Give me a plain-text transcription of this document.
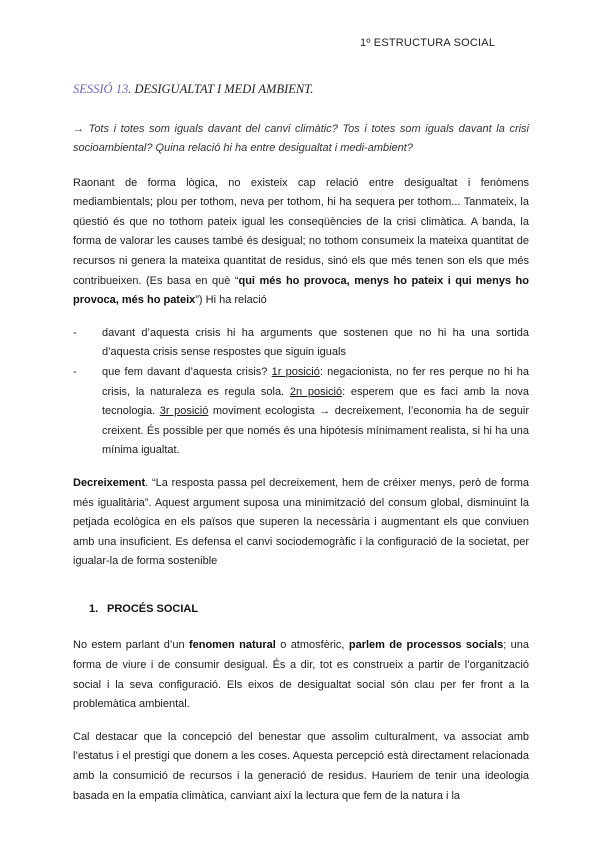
1º ESTRUCTURA SOCIAL
SESSIÓ 13. DESIGUALTAT I MEDI AMBIENT.

→ Tots i totes som iguals davant del canvi climàtic? Tos i totes som iguals davant la crisi socioambiental? Quina relació hi ha entre desigualtat i medi-ambient?

Raonant de forma lògica, no existeix cap relació entre desigualtat i fenòmens mediambientals; plou per tothom, neva per tothom, hi ha sequera per tothom... Tanmateix, la qüestió és que no tothom pateix igual les conseqüències de la crisi climàtica. A banda, la forma de valorar les causes també és desigual; no tothom consumeix la mateixa quantitat de recursos ni genera la mateixa quantitat de residus, sinó els que més tenen son els que més contribueixen. (Es basa en què “qui més ho provoca, menys ho pateix i qui menys ho provoca, més ho pateix”) Hi ha relació

- davant d’aquesta crisis hi ha arguments que sostenen que no hi ha una sortida d’aquesta crisis sense respostes que siguin iguals
- que fem davant d’aquesta crisis? 1r posició: negacionista, no fer res perque no hi ha crisis, la naturaleza es regula sola. 2n posició: esperem que es faci amb la nova tecnologia. 3r posició moviment ecologista → decreixement, l’economia ha de seguir creixent. És possible per que només és una hipótesis mínimament realista, si hi ha una mínima igualtat.

Decreixement. “La resposta passa pel decreixement, hem de créixer menys, però de forma més igualitària”. Aquest argument suposa una minimització del consum global, disminuint la petjada ecològica en els països que superen la necessària i augmentant els que conviuen amb una insuficient. Es defensa el canvi sociodemogràfic i la configuració de la societat, per igualar-la de forma sostenible

1. PROCÉS SOCIAL

No estem parlant d’un fenomen natural o atmosfèric, parlem de processos socials; una forma de viure i de consumir desigual. És a dir, tot es construeix a partir de l’organització social i la seva configuració. Els eixos de desigualtat social són clau per fer front a la problemàtica ambiental.

Cal destacar que la concepció del benestar que assolim culturalment, va associat amb l’estatus i el prestigi que donem a les coses. Aquesta percepció està directament relacionada amb la consumició de recursos i la generació de residus. Hauriem de tenir una ideologia basada en la empatia climàtica, canviant així la lectura que fem de la natura i la
